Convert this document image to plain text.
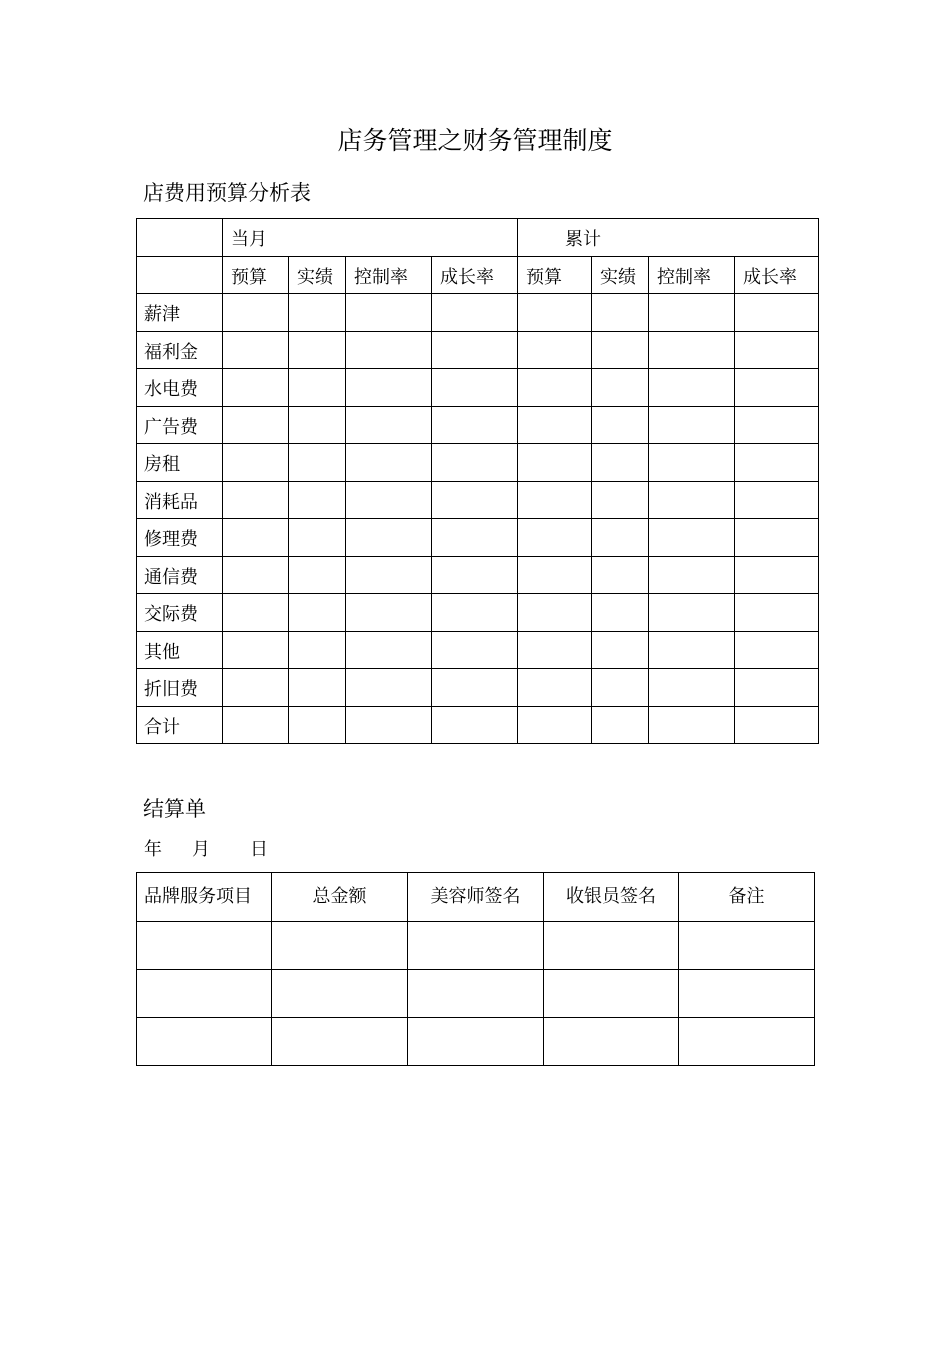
店务管理之财务管理制度
店费用预算分析表
	当月				累计			
	预算	实绩	控制率	成长率	预算	实绩	控制率	成长率
薪津								
福利金								
水电费								
广告费								
房租								
消耗品								
修理费								
通信费								
交际费								
其他								
折旧费								
合计								
结算单
年 月 日
品牌服务项目	总金额	美容师签名	收银员签名	备注
